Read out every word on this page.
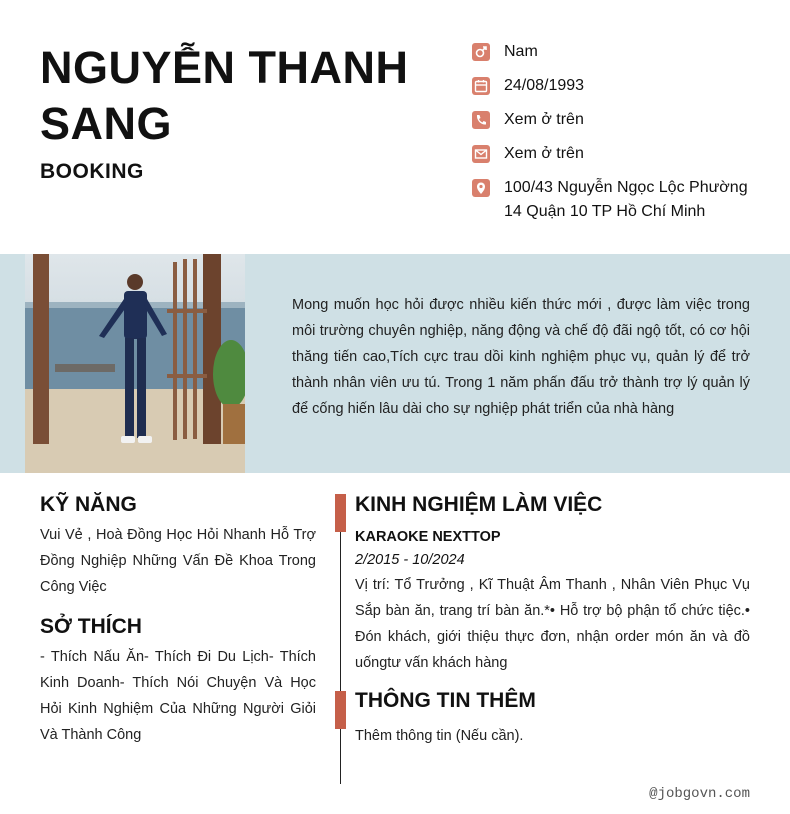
NGUYỄN THANH SANG
BOOKING
Nam
24/08/1993
Xem ở trên
Xem ở trên
100/43 Nguyễn Ngọc Lộc Phường 14 Quận 10 TP Hồ Chí Minh
Mong muốn học hỏi được nhiều kiến thức mới , được làm việc trong môi trường chuyên nghiệp, năng động và chế độ đãi ngộ tốt, có cơ hội thăng tiến cao,Tích cực trau dồi kinh nghiệm phục vụ, quản lý để trở thành nhân viên ưu tú. Trong 1 năm phấn đấu trở thành trợ lý quản lý để cống hiến lâu dài cho sự nghiệp phát triển của nhà hàng
KỸ NĂNG
Vui Vẻ , Hoà Đồng Học Hỏi Nhanh Hỗ Trợ Đồng Nghiệp Những Vấn Đề Khoa Trong Công Việc
SỞ THÍCH
- Thích Nấu Ăn- Thích Đi Du Lịch- Thích Kinh Doanh- Thích Nói Chuyện Và Học Hỏi Kinh Nghiệm Của Những Người Giỏi Và Thành Công
KINH NGHIỆM LÀM VIỆC
KARAOKE NEXTTOP
2/2015 - 10/2024
Vị trí: Tổ Trưởng , Kĩ Thuật Âm Thanh , Nhân Viên Phục Vụ Sắp bàn ăn, trang trí bàn ăn.*• Hỗ trợ bộ phận tổ chức tiệc.• Đón khách, giới thiệu thực đơn, nhận order món ăn và đồ uốngtư vấn khách hàng
THÔNG TIN THÊM
Thêm thông tin (Nếu cần).
@jobgovn.com
